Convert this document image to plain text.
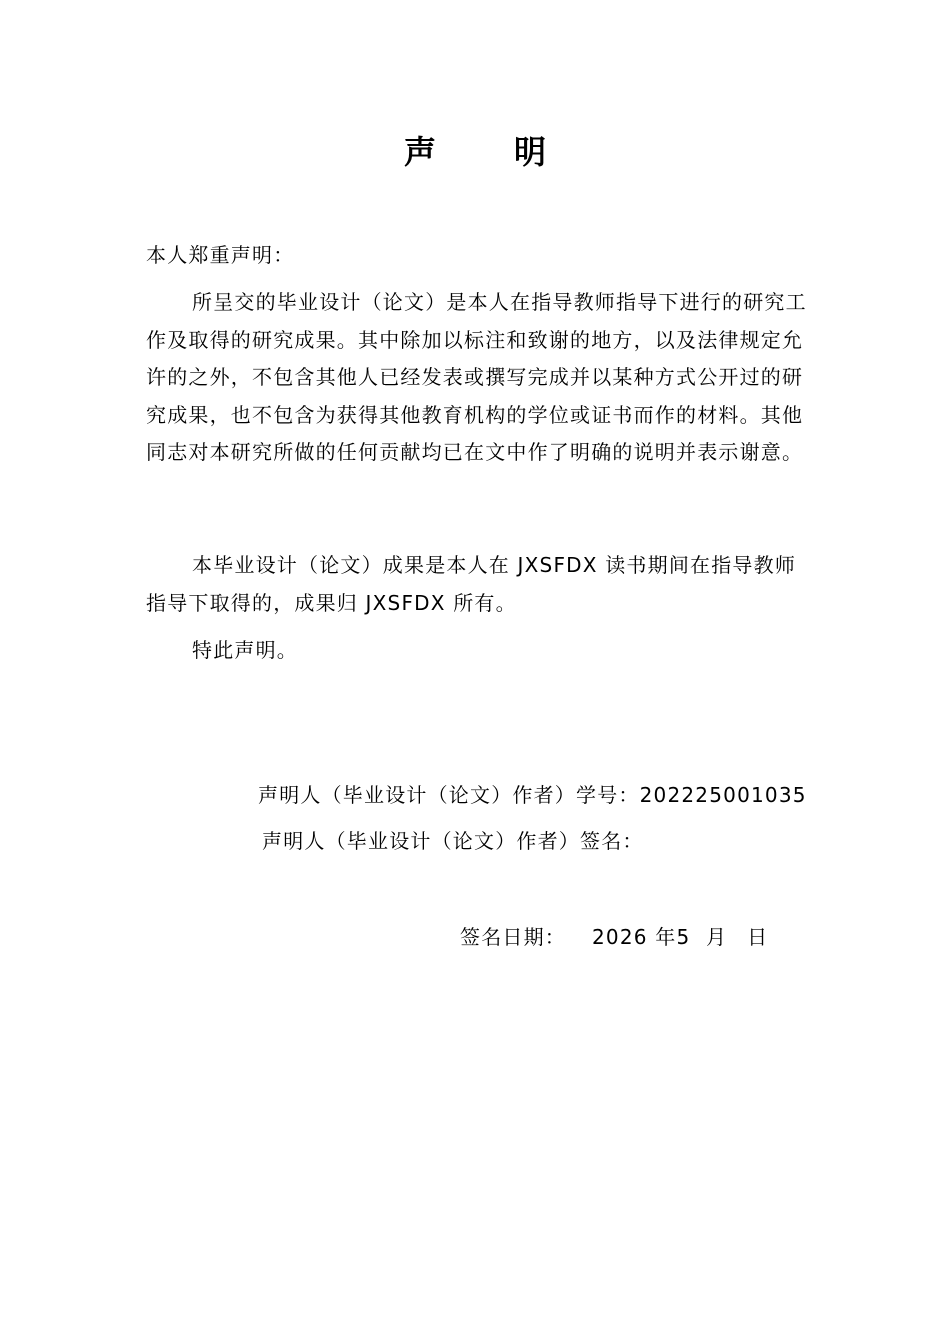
声 明
本人郑重声明：
所呈交的毕业设计（论文）是本人在指导教师指导下进行的研究工作及取得的研究成果。其中除加以标注和致谢的地方，以及法律规定允许的之外，不包含其他人已经发表或撰写完成并以某种方式公开过的研究成果，也不包含为获得其他教育机构的学位或证书而作的材料。其他同志对本研究所做的任何贡献均已在文中作了明确的说明并表示谢意。
本毕业设计（论文）成果是本人在 JXSFDX 读书期间在指导教师指导下取得的，成果归 JXSFDX 所有。
特此声明。
声明人（毕业设计（论文）作者）学号：202225001035
声明人（毕业设计（论文）作者）签名：
签名日期： 2026 年5 月 日
